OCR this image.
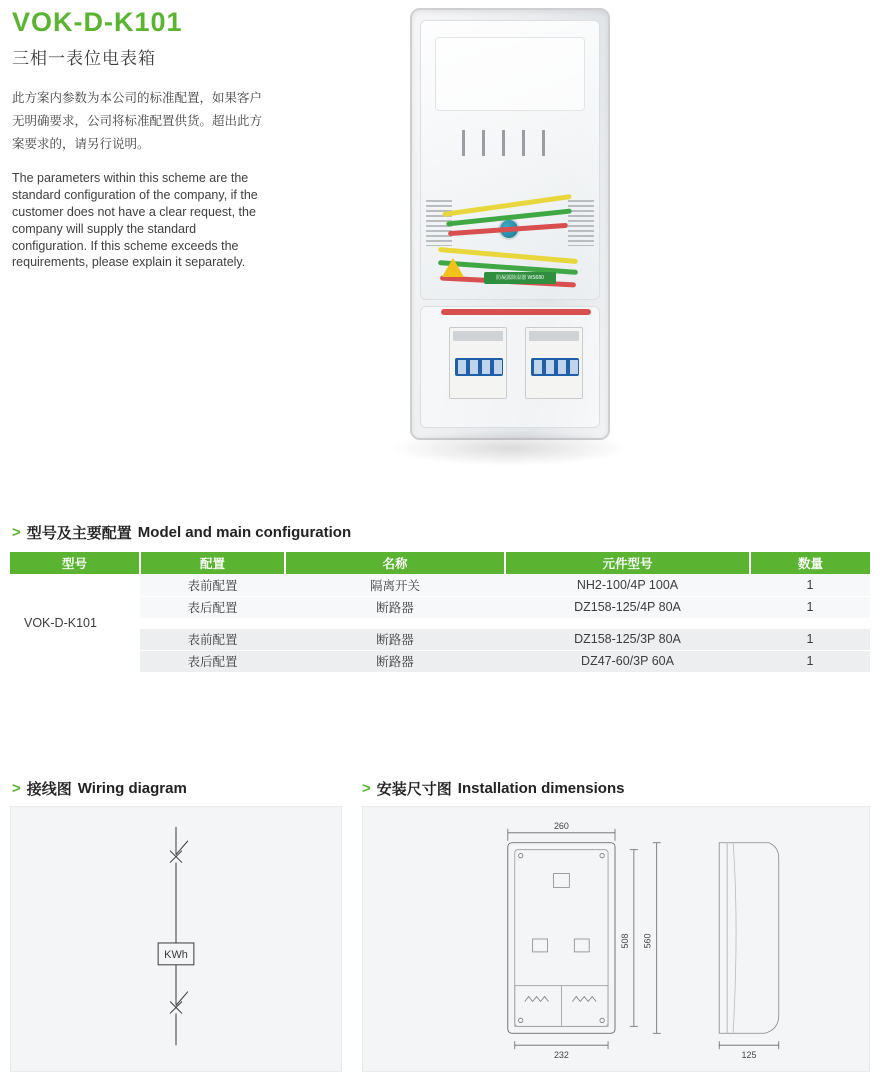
VOK-D-K101
三相一表位电表箱

此方案内参数为本公司的标准配置，如果客户无明确要求，公司将标准配置供货。超出此方案要求的，请另行说明。

The parameters within this scheme are the standard configuration of the company, if the customer does not have a clear request, the company will supply the standard configuration. If this scheme exceeds the requirements, please explain it separately.

防凝露除湿器 WS680
> 型号及主要配置 Model and main configuration
型号	配置	名称	元件型号	数量
VOK-D-K101	表前配置	隔离开关	NH2-100/4P 100A	1
	表后配置	断路器	DZ158-125/4P 80A	1

	表前配置	断路器	DZ158-125/3P 80A	1
	表后配置	断路器	DZ47-60/3P 60A	1
> 接线图 Wiring diagram
KWh
> 安装尺寸图 Installation dimensions
260
232
508 560
125
